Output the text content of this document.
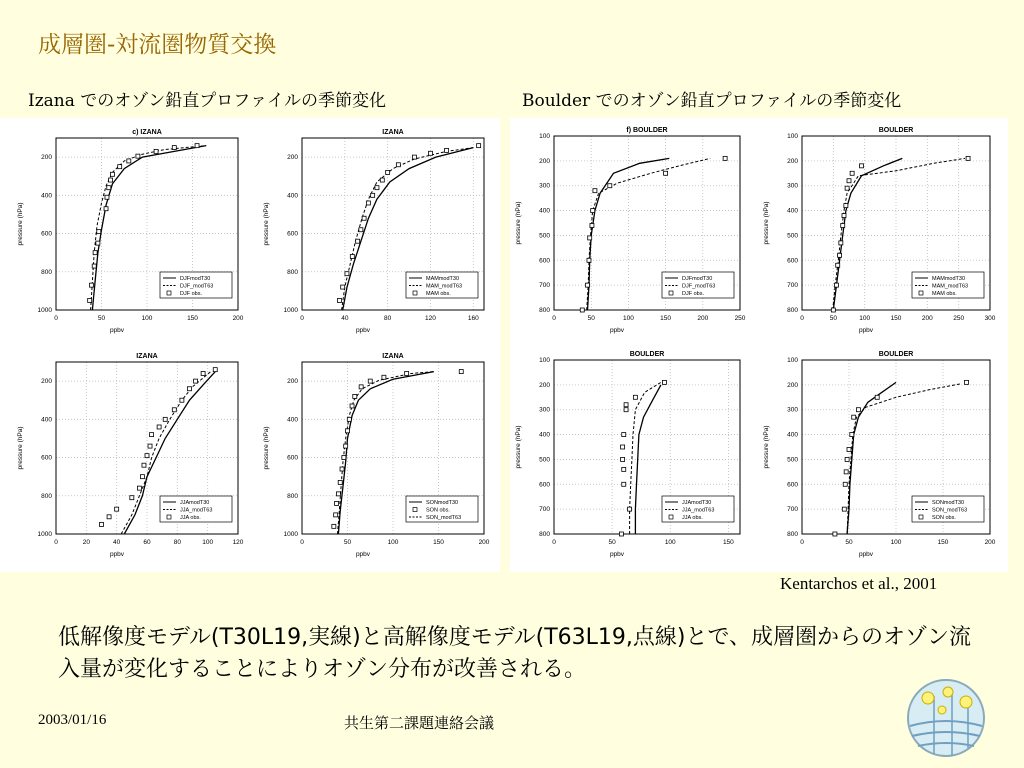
成層圏-対流圏物質交換
Izana でのオゾン鉛直プロファイルの季節変化	Boulder でのオゾン鉛直プロファイルの季節変化
0	50	100	150	200
200
400
600
800
1000
ppbv
pressure (hPa)
c) IZANA
DJFmodT30
DJF_modT63
DJF obs.
0	40	80	120	160
200
400
600
800
1000
ppbv
pressure (hPa)
IZANA
MAMmodT30
MAM_modT63
MAM obs.
0	20	40	60	80	100	120
200
400
600
800
1000
ppbv
pressure (hPa)
IZANA
JJAmodT30
JJA_modT63
JJA obs.
0	50	100	150	200
200
400
600
800
1000
ppbv
pressure (hPa)
IZANA
SONmodT30
SON obs.
SON_modT63
0	50	100	150	200	250
100
200
300
400
500
600
700
800
ppbv
pressure (hPa)
f) BOULDER
DJFmodT30
DJF_modT63
DJF obs.
0	50	100	150	200	250	300
100
200
300
400
500
600
700
800
ppbv
pressure (hPa)
BOULDER
MAMmodT30
MAM_modT63
MAM obs.
0	50	100	150
100
200
300
400
500
600
700
800
ppbv
pressure (hPa)
BOULDER
JJAmodT30
JJA_modT63
JJA obs.
0	50	100	150	200
100
200
300
400
500
600
700
800
ppbv
pressure (hPa)
BOULDER
SONmodT30
SON_modT63
SON obs.
Kentarchos et al., 2001
低解像度モデル(T30L19,実線)と高解像度モデル(T63L19,点線)とで、成層圏からのオゾン流入量が変化することによりオゾン分布が改善される。
2003/01/16	共生第二課題連絡会議
